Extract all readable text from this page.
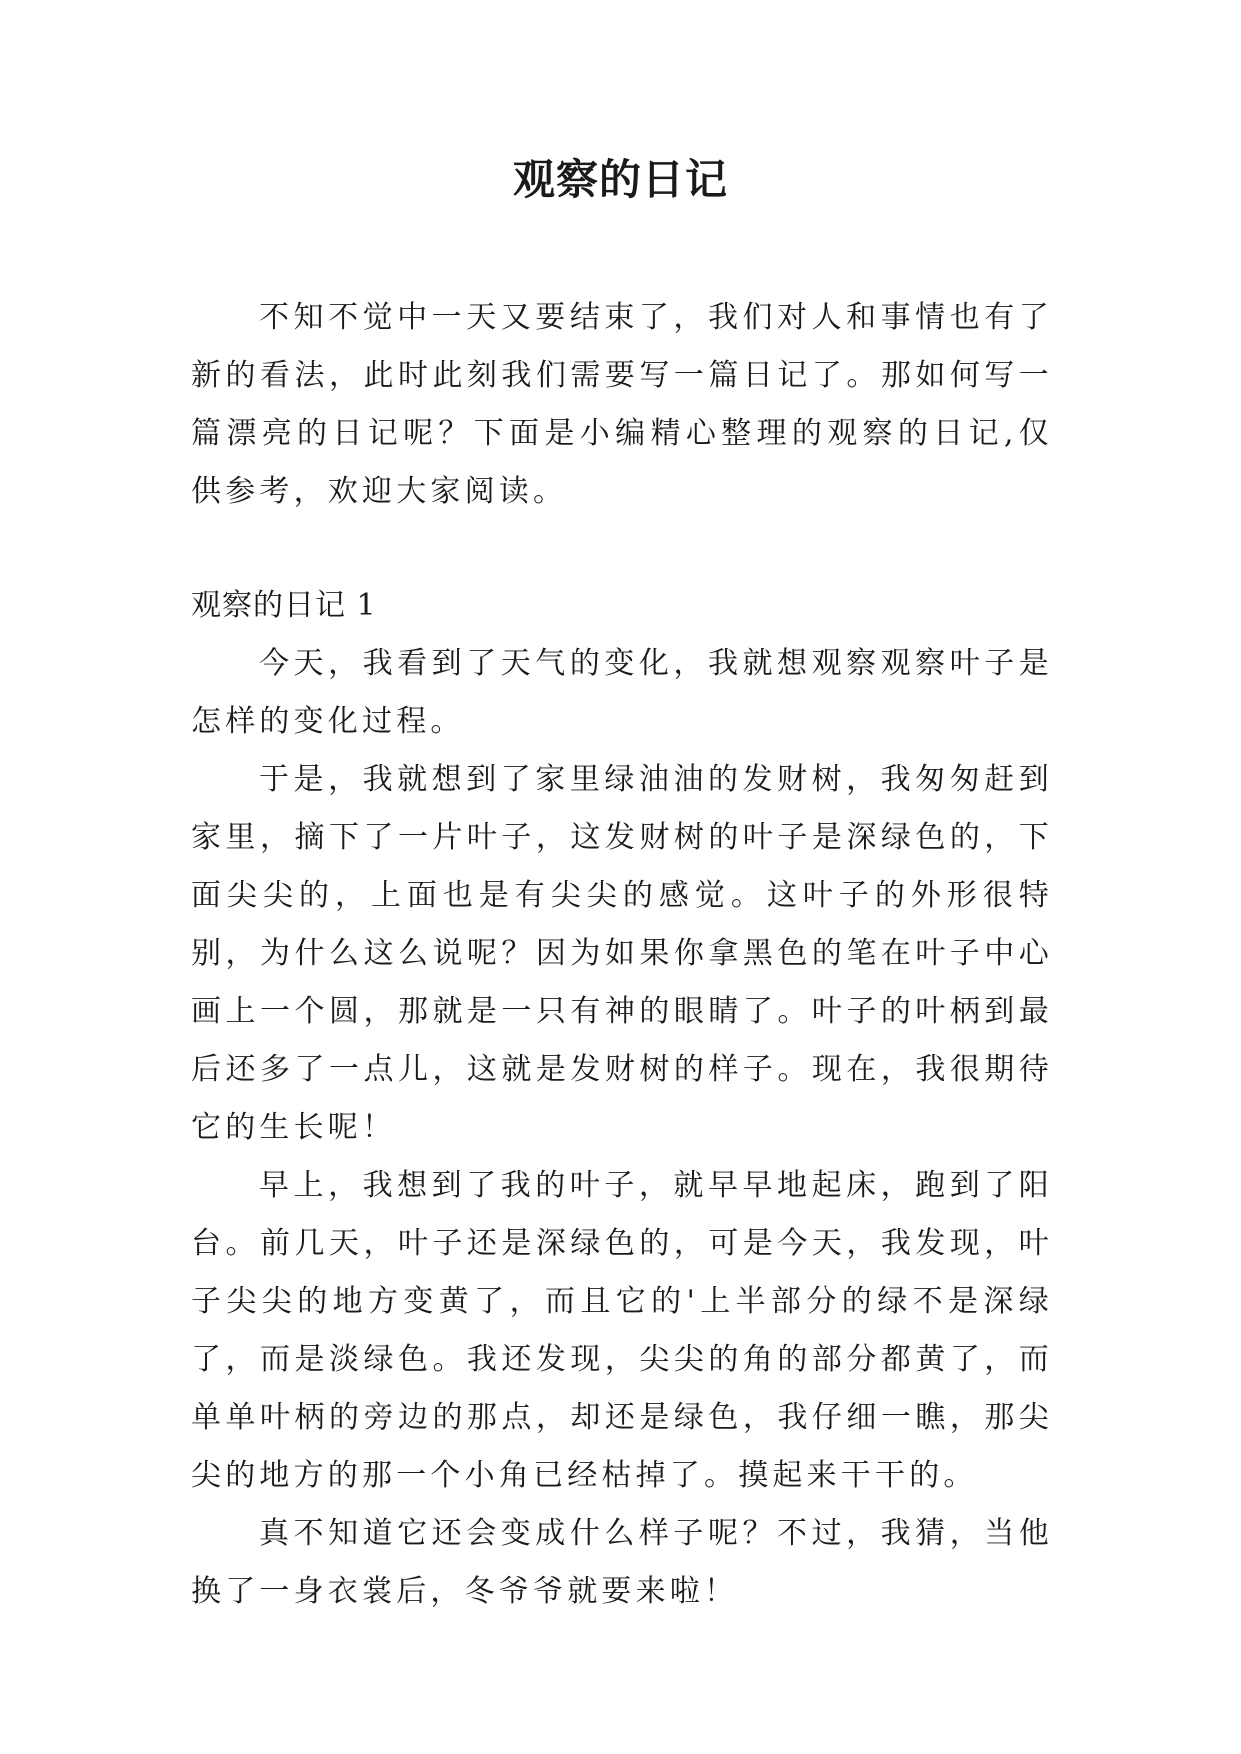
观察的日记

不知不觉中一天又要结束了，我们对人和事情也有了新的看法，此时此刻我们需要写一篇日记了。那如何写一篇漂亮的日记呢？下面是小编精心整理的观察的日记,仅供参考，欢迎大家阅读。

观察的日记 1

今天，我看到了天气的变化，我就想观察观察叶子是怎样的变化过程。

于是，我就想到了家里绿油油的发财树，我匆匆赶到家里，摘下了一片叶子，这发财树的叶子是深绿色的，下面尖尖的，上面也是有尖尖的感觉。这叶子的外形很特别，为什么这么说呢？因为如果你拿黑色的笔在叶子中心画上一个圆，那就是一只有神的眼睛了。叶子的叶柄到最后还多了一点儿，这就是发财树的样子。现在，我很期待它的生长呢！

早上，我想到了我的叶子，就早早地起床，跑到了阳台。前几天，叶子还是深绿色的，可是今天，我发现，叶子尖尖的地方变黄了，而且它的'上半部分的绿不是深绿了，而是淡绿色。我还发现，尖尖的角的部分都黄了，而单单叶柄的旁边的那点，却还是绿色，我仔细一瞧，那尖尖的地方的那一个小角已经枯掉了。摸起来干干的。

真不知道它还会变成什么样子呢？不过，我猜，当他换了一身衣裳后，冬爷爷就要来啦！
